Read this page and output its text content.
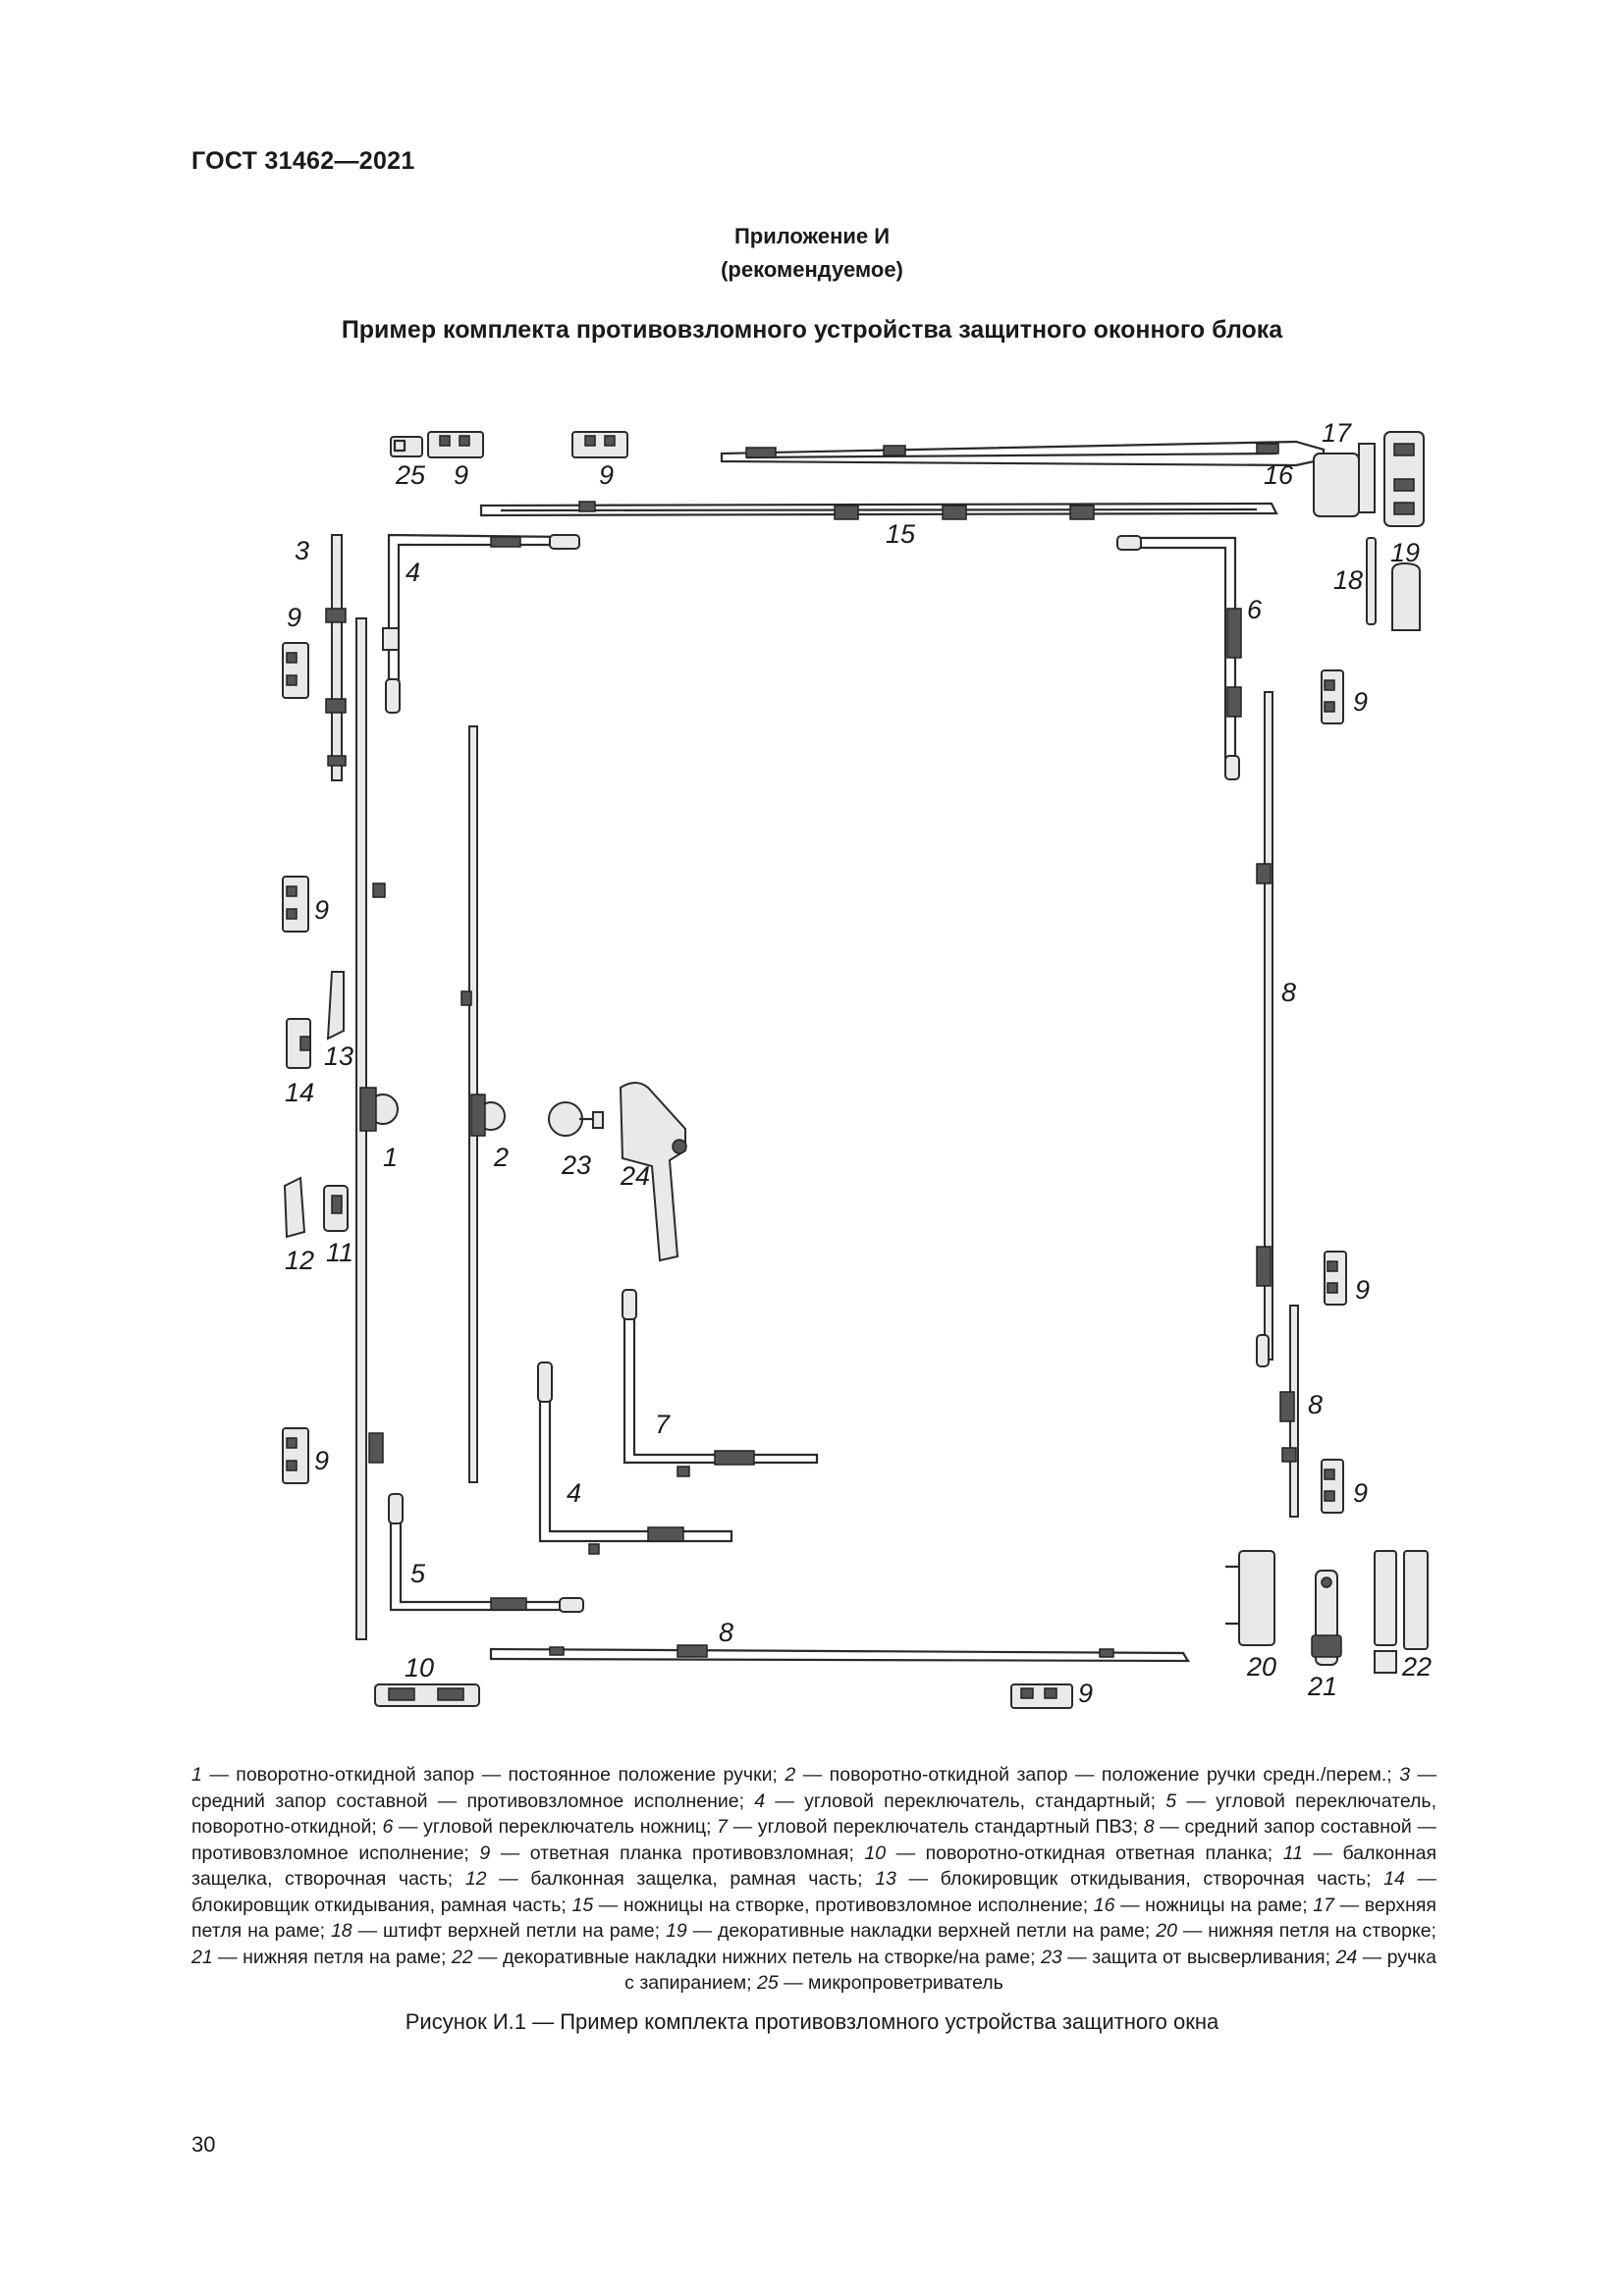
ГОСТ 31462—2021
Приложение И
(рекомендуемое)
Пример комплекта противовзломного устройства защитного оконного блока
25 9	9
17
16
15
19
18
3
4
6
9
9
9
8
13
14
1	2 23 24
11
12
9
7
8
9
9
4
5
8
10	20
21
22
9
1 — поворотно-откидной запор — постоянное положение ручки; 2 — поворотно-откидной запор — положение ручки средн./перем.; 3 — средний запор составной — противовзломное исполнение; 4 — угловой переключатель, стандартный; 5 — угловой переключатель, поворотно-откидной; 6 — угловой переключатель ножниц; 7 — угловой переключатель стандартный ПВЗ; 8 — средний запор составной — противовзломное исполнение; 9 — ответная планка противовзломная; 10 — поворотно-откидная ответная планка; 11 — балконная защелка, створочная часть; 12 — балконная защелка, рамная часть; 13 — блокировщик откидывания, створочная часть; 14 — блокировщик откидывания, рамная часть; 15 — ножницы на створке, противовзломное исполнение; 16 — ножницы на раме; 17 — верхняя петля на раме; 18 — штифт верхней петли на раме; 19 — декоративные накладки верхней петли на раме; 20 — нижняя петля на створке; 21 — нижняя петля на раме; 22 — декоративные накладки нижних петель на створке/на раме; 23 — защита от высверливания; 24 — ручка с запиранием; 25 — микропроветриватель
Рисунок И.1 — Пример комплекта противовзломного устройства защитного окна
30
